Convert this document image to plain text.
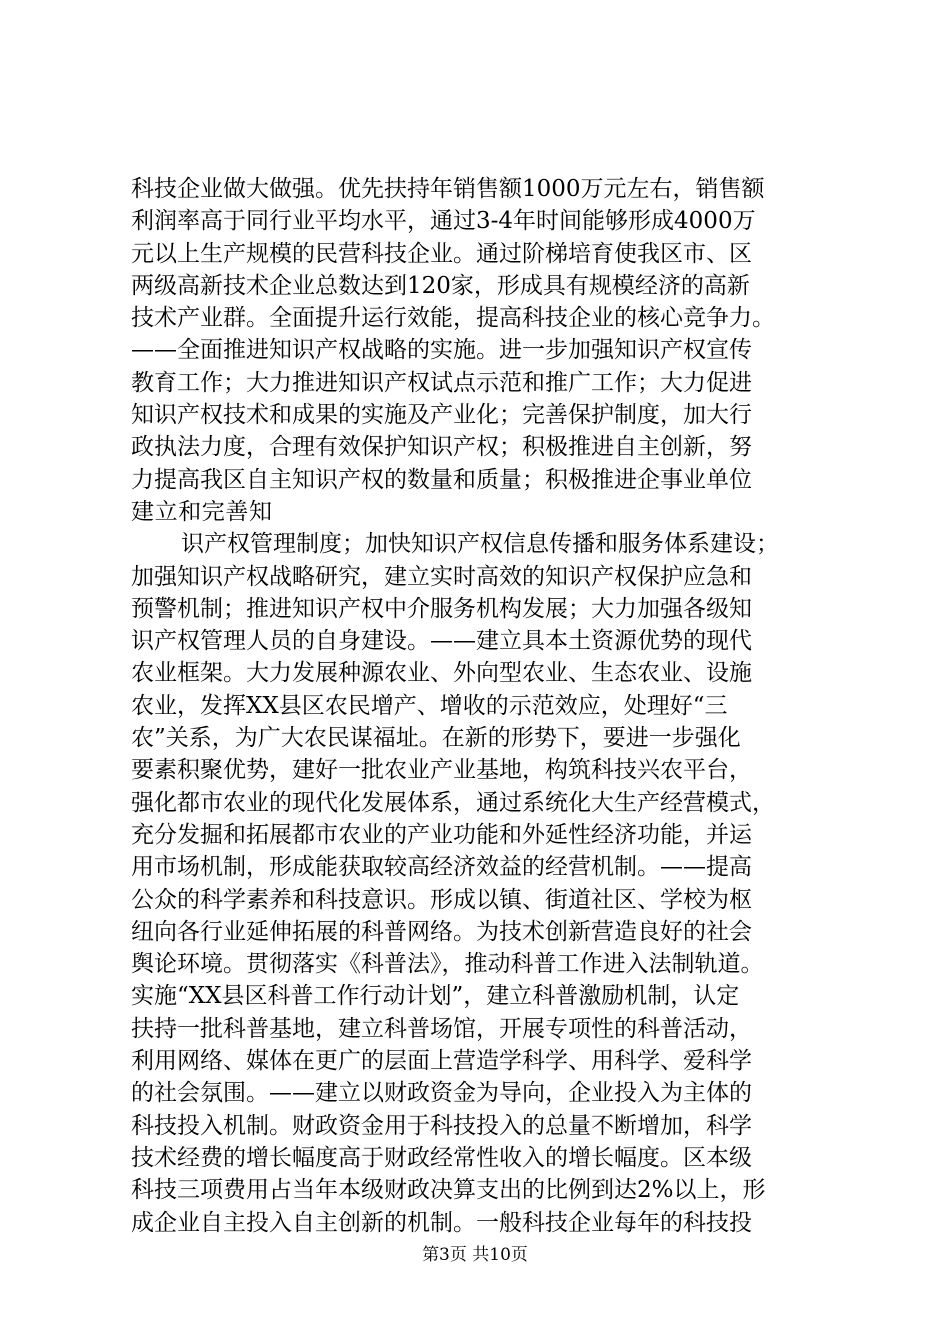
科技企业做大做强。优先扶持年销售额1000万元左右，销售额
利润率高于同行业平均水平，通过3-4年时间能够形成4000万
元以上生产规模的民营科技企业。通过阶梯培育使我区市、区
两级高新技术企业总数达到120家，形成具有规模经济的高新
技术产业群。全面提升运行效能，提高科技企业的核心竞争力。
——全面推进知识产权战略的实施。进一步加强知识产权宣传
教育工作；大力推进知识产权试点示范和推广工作；大力促进
知识产权技术和成果的实施及产业化；完善保护制度，加大行
政执法力度，合理有效保护知识产权；积极推进自主创新，努
力提高我区自主知识产权的数量和质量；积极推进企事业单位
建立和完善知
识产权管理制度；加快知识产权信息传播和服务体系建设；
加强知识产权战略研究，建立实时高效的知识产权保护应急和
预警机制；推进知识产权中介服务机构发展；大力加强各级知
识产权管理人员的自身建设。——建立具本土资源优势的现代
农业框架。大力发展种源农业、外向型农业、生态农业、设施
农业，发挥XX县区农民增产、增收的示范效应，处理好“三
农”关系，为广大农民谋福址。在新的形势下，要进一步强化
要素积聚优势，建好一批农业产业基地，构筑科技兴农平台，
强化都市农业的现代化发展体系，通过系统化大生产经营模式，
充分发掘和拓展都市农业的产业功能和外延性经济功能，并运
用市场机制，形成能获取较高经济效益的经营机制。——提高
公众的科学素养和科技意识。形成以镇、街道社区、学校为枢
纽向各行业延伸拓展的科普网络。为技术创新营造良好的社会
舆论环境。贯彻落实《科普法》，推动科普工作进入法制轨道。
实施“XX县区科普工作行动计划”，建立科普激励机制，认定
扶持一批科普基地，建立科普场馆，开展专项性的科普活动，
利用网络、媒体在更广的层面上营造学科学、用科学、爱科学
的社会氛围。——建立以财政资金为导向，企业投入为主体的
科技投入机制。财政资金用于科技投入的总量不断增加，科学
技术经费的增长幅度高于财政经常性收入的增长幅度。区本级
科技三项费用占当年本级财政决算支出的比例到达2%以上，形
成企业自主投入自主创新的机制。一般科技企业每年的科技投
第3页 共10页
